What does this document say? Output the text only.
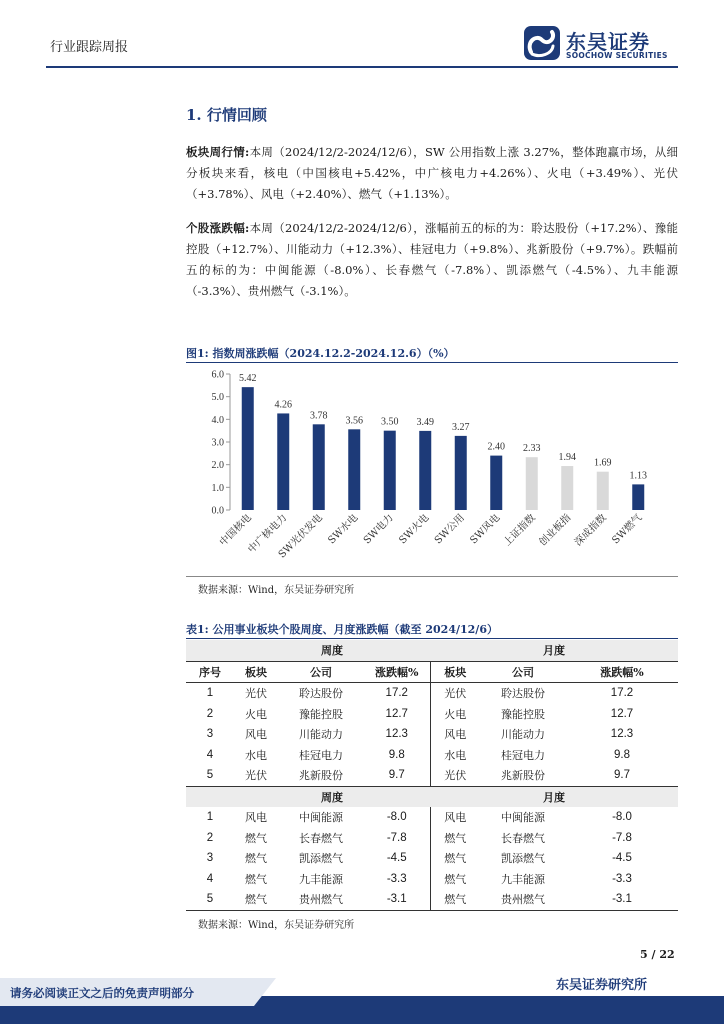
行业跟踪周报	东吴证券
SOOCHOW SECURITIES
1. 行情回顾
板块周行情:本周（2024/12/2-2024/12/6），SW 公用指数上涨 3.27%，整体跑赢市场，从细分板块来看，核电（中国核电+5.42%，中广核电力+4.26%）、火电（+3.49%）、光伏（+3.78%）、风电（+2.40%）、燃气（+1.13%）。
个股涨跌幅:本周（2024/12/2-2024/12/6），涨幅前五的标的为：聆达股份（+17.2%）、豫能控股（+12.7%）、川能动力（+12.3%）、桂冠电力（+9.8%）、兆新股份（+9.7%）。跌幅前五的标的为：中闽能源（-8.0%）、长春燃气（-7.8%）、凯添燃气（-4.5%）、九丰能源（-3.3%）、贵州燃气（-3.1%）。
图1: 指数周涨跌幅（2024.12.2-2024.12.6）（%）
0.0
1.0
2.0
3.0
4.0
5.0
6.0 5.42
中国核电
4.26
中广核电力
3.78
SW光伏发电
3.56
SW水电
3.50
SW电力
3.49
SW火电
3.27
SW公用
2.40
SW风电
2.33
上证指数
1.94
创业板指
1.69
深成指数
1.13
SW燃气
数据来源：Wind，东吴证券研究所
表1: 公用事业板块个股周度、月度涨跌幅（截至 2024/12/6）
	周度			月度		
序号	板块	公司	涨跌幅%	板块	公司	涨跌幅%
1	光伏	聆达股份	17.2	光伏	聆达股份	17.2
2	火电	豫能控股	12.7	火电	豫能控股	12.7
3	风电	川能动力	12.3	风电	川能动力	12.3
4	水电	桂冠电力	9.8	水电	桂冠电力	9.8
5	光伏	兆新股份	9.7	光伏	兆新股份	9.7
	周度			月度		
1	风电	中闽能源	-8.0	风电	中闽能源	-8.0
2	燃气	长春燃气	-7.8	燃气	长春燃气	-7.8
3	燃气	凯添燃气	-4.5	燃气	凯添燃气	-4.5
4	燃气	九丰能源	-3.3	燃气	九丰能源	-3.3
5	燃气	贵州燃气	-3.1	燃气	贵州燃气	-3.1
数据来源：Wind，东吴证券研究所
5 / 22
东吴证券研究所
请务必阅读正文之后的免责声明部分
